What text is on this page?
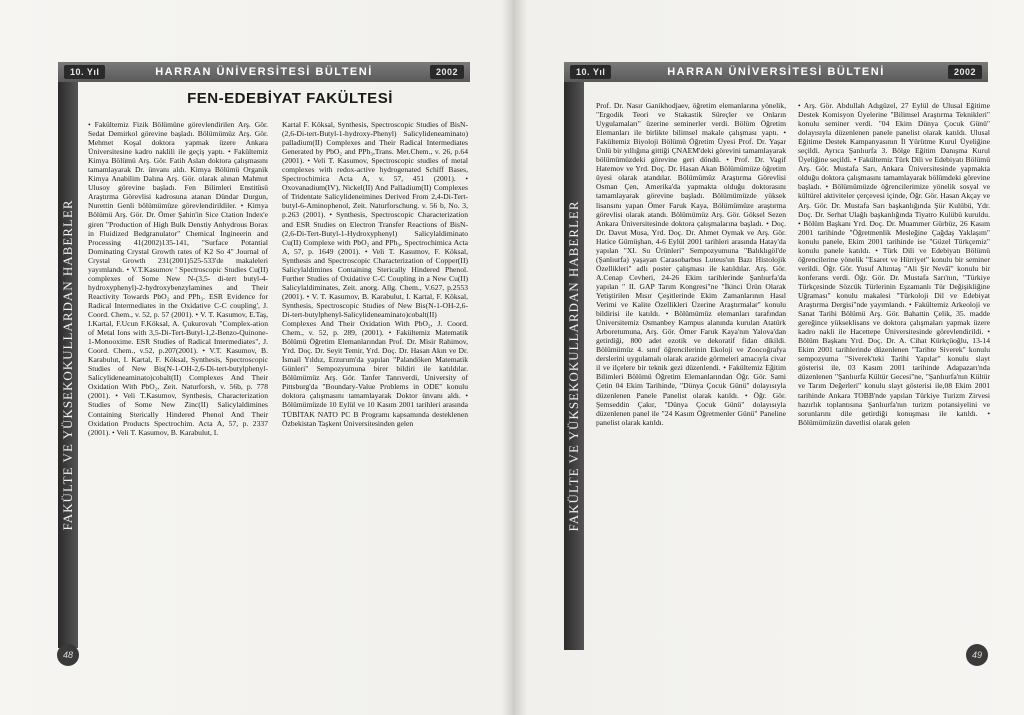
10. Yıl	HARRAN ÜNİVERSİTESİ BÜLTENİ	2002
FAKÜLTE VE YÜKSEKOKULLARDAN HABERLER
FEN-EDEBİYAT FAKÜLTESİ

• Fakültemiz Fizik Bölümüne görevlendirilen Arş. Gör. Sedat Demirkol görevine başladı. Bölümümüz Arş. Gör. Mehmet Koşal doktora yapmak üzere Ankara Üniversitesine kadro naklili ile geçiş yaptı. • Fakültemiz Kimya Bölümü Arş. Gör. Fatih Aslan doktora çalışmasını tamamlayarak Dr. ünvanı aldı. Kimya Bölümü Organik Kimya Anabilim Dalına Arş. Gör. olarak alınan Mahmut Ulusoy görevine başladı. Fen Bilimleri Enstitüsü Araştırma Görevlisi kadrosuna atanan Dündar Durgun, Nurettin Genli bölümümüze görevlendirildiler. • Kimya Bölümü Arş. Gör. Dr. Ömer Şahin'in Sice Ctation Index'e giren "Production of High Bulk Denstiy Anhydrous Borax in Fluidized Bedgranulator" Chemical İngineerin and Processing 41(2002)135-141, "Surface Potantial Dominating Crystal Growth rates of K2 So 4" Journal of Crystal Growth 231(2001)525-533'de makaleleri yayımlandı. • V.T.Kasumov ' Spectroscopic Studies Cu(II) complexes of Some New N-(3,5- di-tert butyl-4-hydroxyphenyl)-2-hydroxybenzylamines and Their Reactivity Towards PbO₂ and PPh₃. ESR Evidence for Radical Intermediates in the Oxidative C-C coupling', J. Coord. Chem., v. 52, p. 57 (2001). • V. T. Kasumov, E.Taş, I.Kartal, F.Ucun F.Köksal, A. Çukurovalı "Complex-ation of Metal Ions with 3,5-Di-Tert-Butyl-1,2-Benzo-Quinone-1-Monooxime. ESR Studies of Radical Intermediates", J. Coord. Chem., v.52, p.207(2001). • V.T. Kasumov, B. Karabulut, I. Kartal, F. Köksal, Synthesis, Spectroscopic Studies of New Bis(N-1-OH-2,6-Di-tert-butylphenyl-Salicylideneaminato)cobalt(II) Complexes And Their Oxidation With PbO₂, Zeit. Naturforsh, v. 56b, p. 778 (2001). • Veli T.Kasumov, Synthesis, Characterization Studies of Some New Zinc(II) Salicylaldimines Containing Sterically Hindered Phenol And Their Oxidation Products Spectrochim. Acta A, 57, p. 2337 (2001). • Veli T. Kasumov, B. Karabulut, I.

Kartal F. Köksal, Synthesis, Spectroscopic Studies of BisN-(2,6-Di-tert-Butyl-1-hydroxy-Phenyl) Salicylideneaminato) palladium(II) Complexes and Their Radical Intermediates Generated by PbO₂ and PPh₃,Trans. Met.Chem., v. 26, p.64 (2001). • Veli T. Kasumov, Spectroscopic studies of metal complexes with redox-active hydrogenated Schiff Bases, Spectrochimica Acta A, v. 57, 451 (2001). • Oxovanadium(IV), Nickel(II) And Palladium(II) Complexes of Tridentate Salicylideneimines Derived From 2,4-Di-Tert-butyl-6-Aminophenol, Zeit. Naturforschung. v. 56 b, No. 3, p.263 (2001). • Synthesis, Spectroscopic Characterization and ESR Studies on Electron Transfer Reactions of BisN-(2,6-Di-Tert-Butyl-1-Hydroxyphenyl) Salicylaldiminato Cu(II) Complexe with PbO₂ and PPh₃, Spectrochimica Acta A, 57, p. 1649 (2001). • Veli T. Kasumov, F. Köksal, Synthesis and Spectroscopic Characterization of Copper(II) Salicylaldimines Containing Sterically Hindered Phenol. Further Studies of Oxidative C-C Coupling in a New Cu(II) Salicylaldiminates, Zeit. anorg. Allg. Chem., V.627, p.2553 (2001). • V. T. Kasumov, B. Karabulut, I. Kartal, F. Köksal, Synthesis, Spectroscopic Studies of New Bis(N-1-OH-2,6-Di-tert-butylphenyl-Salicylideneaminato)cobalt(II) Complexes And Their Oxidation With PbO₂, J. Coord. Chem., v. 52, p. 289, (2001). • Fakültemiz Matematik Bölümü Öğretim Elemanlarından Prof. Dr. Misir Rahimov, Yrd. Doç. Dr. Seyit Temir, Yrd. Doç. Dr. Hasan Akın ve Dr. İsmail Yıldız, Erzurum'da yapılan "Palandöken Matematik Günleri" Sempozyumuna birer bildiri ile katıldılar. Bölümümüz Arş. Gör. Tanfer Tanrıverdi, University of Pittsburg'da "Boundary-Value Problems in ODE" konulu doktora çalışmasını tamamlayarak Doktor ünvanı aldı. • Bölümümüzde 10 Eylül ve 10 Kasım 2001 tarihleri arasında TÜBİTAK NATO PC B Programı kapsamında desteklenen Özbekistan Taşkent Üniversitesinden gelen

48
10. Yıl	HARRAN ÜNİVERSİTESİ BÜLTENİ	2002
FAKÜLTE VE YÜKSEKOKULLARDAN HABERLER

Prof. Dr. Nasır Ganikhodjaev, öğretim elemanlarına yönelik, "Ergodik Teori ve Stakastik Süreçler ve Onların Uygulamaları" üzerine seminerler verdi. Bölüm Öğretim Elemanları ile birlikte bilimsel makale çalışması yaptı. • Fakültemiz Biyoloji Bölümü Öğretim Üyesi Prof. Dr. Yaşar Ünlü bir yıllığına gittiği ÇNAEM'deki görevini tamamlayarak bölümümüzdeki görevine geri döndü. • Prof. Dr. Vagif Hatemov ve Yrd. Doç. Dr. Hasan Akan Bölümümüze öğretim üyesi olarak atandılar. Bölümümüz Araştırma Görevlisi Osman Çen, Amerika'da yapmakta olduğu doktorasını tamamlayarak görevine başladı. Bölümümüzde yüksek lisansını yapan Ömer Faruk Kaya, Bölümümüze araştırma görevlisi olarak atandı. Bölümümüz Arş. Gör. Göksel Sezen Ankara Üniversitesinde doktora çalışmalarına başladı. • Doç. Dr. Davut Musa, Yrd. Doç. Dr. Ahmet Oymak ve Arş. Gör. Hatice Gümüşhan, 4-6 Eylül 2001 tarihleri arasında Hatay'da yapılan "XI. Su Ürünleri" Sempozyumuna "Balıklıgöl'de (Şanlıurfa) yaşayan Carasobarbus Luteus'un Bazı Histolojik Özellikleri" adlı poster çalışması ile katıldılar. Arş. Gör. A.Cenap Cevheri, 24-26 Ekim tarihlerinde Şanlıurfa'da yapılan " II. GAP Tarım Kongresi"ne "İkinci Ürün Olarak Yetiştirilen Mısır Çeşitlerinde Ekim Zamanlarının Hasıl Verimi ve Kalite Özellikleri Üzerine Araştırmalar" konulu bildirisi ile katıldı. • Bölümümüz elemanları tarafından Üniversitemiz Osmanbey Kampus alanında kurulan Atatürk Arboretumuna, Arş. Gör. Ömer Faruk Kaya'nın Yalova'dan getirdiği, 800 adet ezotik ve dekoratif fidan dikildi. Bölümümüz 4. sınıf öğrencilerinin Ekoloji ve Zoocoğrafya derslerini uygulamalı olarak arazide görmeleri amacıyla civar il ve ilçelere bir teknik gezi düzenlendi. • Fakültemiz Eğitim Bilimleri Bölümü Öğretim Elemanlarından Öğr. Gör. Sami Çetin 04 Ekim Tarihinde, "Dünya Çocuk Günü" dolayısıyla düzenlenen Panele Panelist olarak katıldı. • Öğr. Gör. Şemseddin Çakır, "Dünya Çocuk Günü" dolayısıyla düzenlenen panel ile "24 Kasım Öğretmenler Günü" Paneline panelist olarak katıldı.

• Arş. Gör. Abdullah Adıgüzel, 27 Eylül de Ulusal Eğitime Destek Komisyon Üyelerine "Bilimsel Araştırma Teknikleri" konulu seminer verdi. "04 Ekim Dünya Çocuk Günü" dolayısıyla düzenlenen panele panelist olarak katıldı. Ulusal Eğitime Destek Kampanyasının İl Yürütme Kurul Üyeliğine seçildi. Ayrıca Şanlıurfa 3. Bölge Eğitim Danışma Kurul Üyeliğine seçildi. • Fakültemiz Türk Dili ve Edebiyatı Bölümü Arş. Gör. Mustafa Sarı, Ankara Üniversitesinde yapmakta olduğu doktora çalışmasını tamamlayarak bölümdeki görevine başladı. • Bölümümüzde öğrencilerimize yönelik sosyal ve kültürel aktiviteler çerçevesi içinde, Öğr. Gör. Hasan Akçay ve Arş. Gör. Dr. Mustafa Sarı başkanlığında Şiir Kulübü, Ydr. Doç. Dr. Serhat Ulağlı başkanlığında Tiyatro Kulübü kuruldu. • Bölüm Başkanı Yrd. Doç. Dr. Muammer Gürbüz, 26 Kasım 2001 tarihinde "Öğretmenlik Mesleğine Çağdaş Yaklaşım" konulu panele, Ekim 2001 tarihinde ise "Güzel Türkçemiz" konulu panele katıldı. • Türk Dili ve Edebiyatı Bölümü öğrencilerine yönelik "Esaret ve Hürriyet" konulu bir seminer verildi. Öğr. Gör. Yusuf Altıntaş "Ali Şir Nevâî" konulu bir konferans verdi. Öğr. Gör. Dr. Mustafa Sarı'nın, "Türkiye Türkçesinde Sözcük Türlerinin Eşzamanlı Tür Değişikliğine Uğraması" konulu makalesi "Türkoloji Dil ve Edebiyat Araştırma Dergisi"nde yayımlandı. • Fakültemiz Arkeoloji ve Sanat Tarihi Bölümü Arş. Gör. Bahattin Çelik, 35. madde gereğince yükseklisans ve doktora çalışmaları yapmak üzere kadro nakli ile Hacettepe Üniversitesinde görevlendirildi. • Bölüm Başkanı Yrd. Doç. Dr. A. Cihat Kürkçüoğlu, 13-14 Ekim 2001 tarihlerinde düzenlenen "Tarihte Siverek" konulu sempozyuma "Siverek'teki Tarihi Yapılar" konulu slayt gösterisi ile, 03 Kasım 2001 tarihinde Adapazarı'nda düzenlenen "Şanlıurfa Kültür Gecesi"ne, "Şanlıurfa'nın Kültür ve Tarım Değerleri" konulu slayt gösterisi ile,08 Ekim 2001 tarihinde Ankara TOBB'nde yapılan Türkiye Turizm Zirvesi hazırlık toplantısına Şanlıurfa'nın turizm potansiyelini ve sorunlarını dile getirdiği konuşması ile katıldı. • Bölümümüzün davetlisi olarak gelen

49
